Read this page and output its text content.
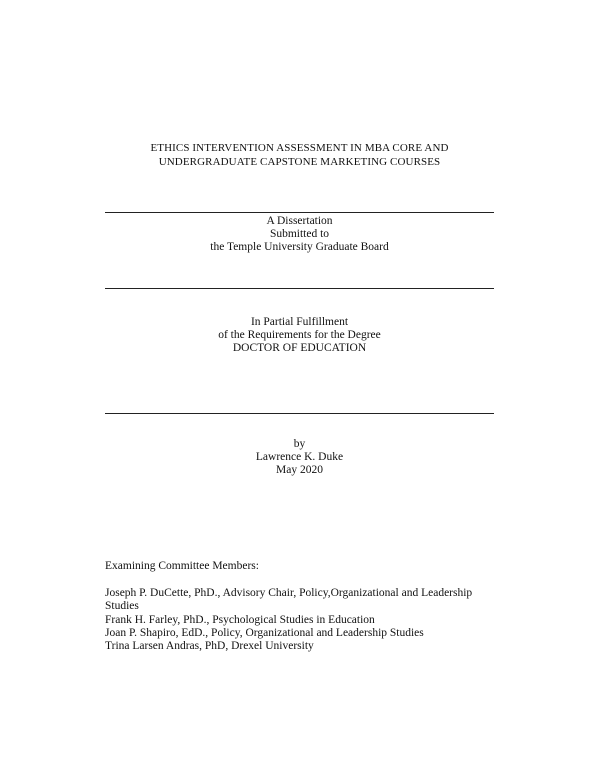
ETHICS INTERVENTION ASSESSMENT IN MBA CORE AND
UNDERGRADUATE CAPSTONE MARKETING COURSES
A Dissertation
Submitted to
the Temple University Graduate Board
In Partial Fulfillment
of the Requirements for the Degree
DOCTOR OF EDUCATION
by
Lawrence K. Duke
May 2020
Examining Committee Members:
Joseph P. DuCette, PhD., Advisory Chair, Policy,Organizational and Leadership Studies
Frank H. Farley, PhD., Psychological Studies in Education
Joan P. Shapiro, EdD., Policy, Organizational and Leadership Studies
Trina Larsen Andras, PhD, Drexel University
